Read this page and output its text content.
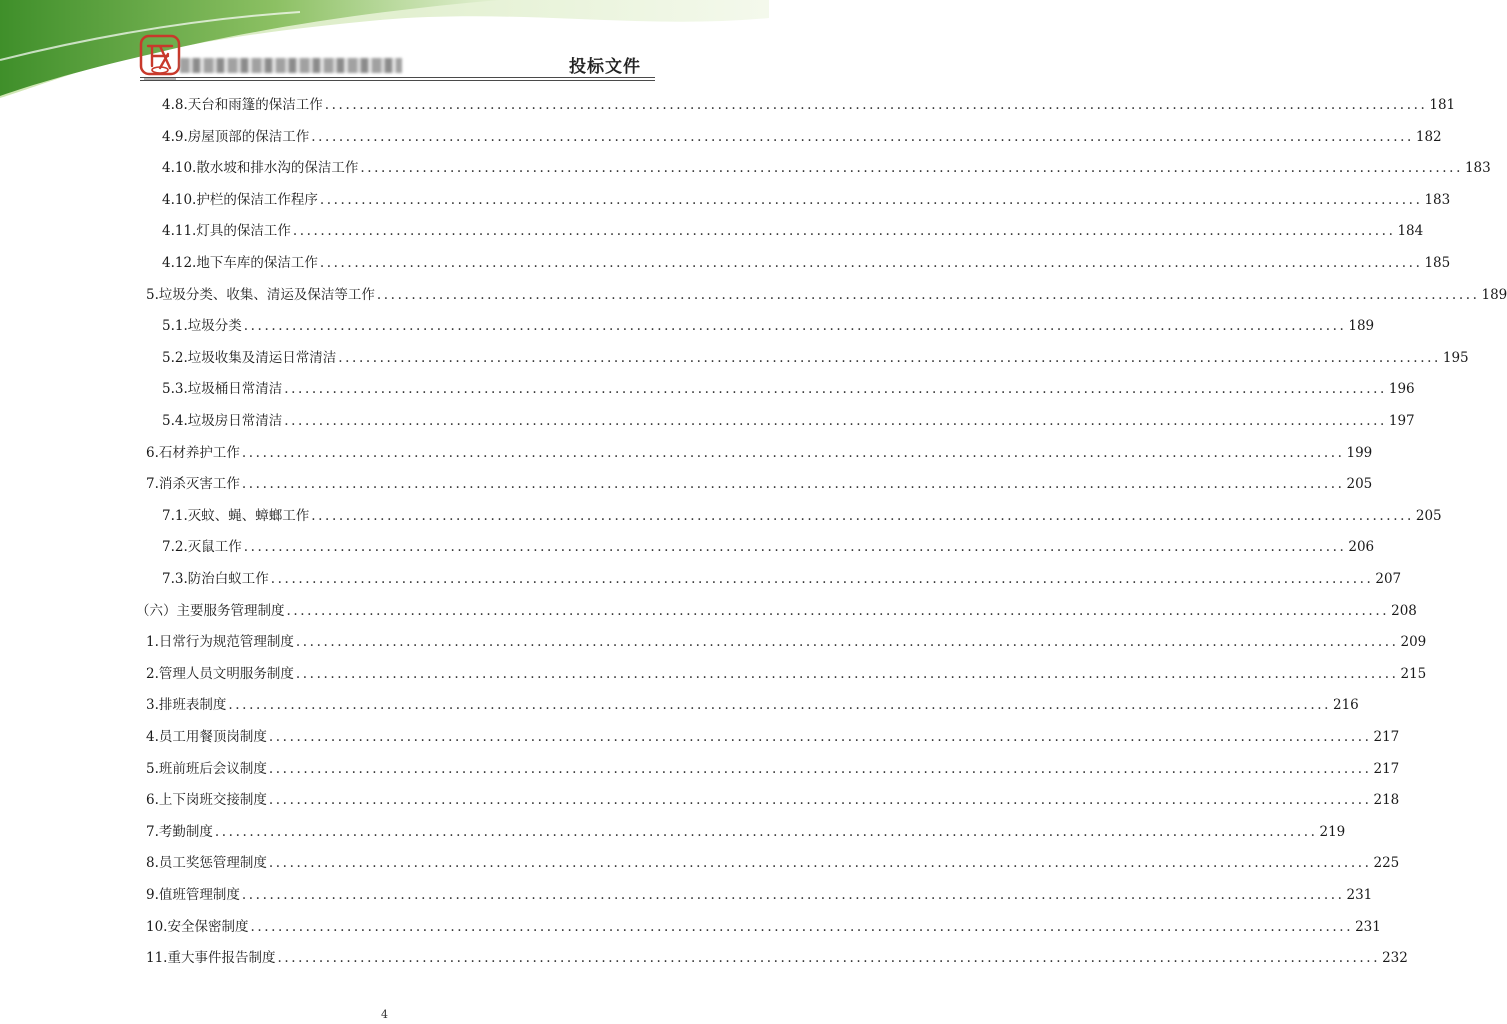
投标文件
4.8.天台和雨篷的保洁工作 ................................................................................................................................................................ 181
4.9.房屋顶部的保洁工作 ................................................................................................................................................................ 182
4.10.散水坡和排水沟的保洁工作 ................................................................................................................................................................ 183
4.10.护栏的保洁工作程序 ................................................................................................................................................................ 183
4.11.灯具的保洁工作 ................................................................................................................................................................ 184
4.12.地下车库的保洁工作 ................................................................................................................................................................ 185
5.垃圾分类、收集、清运及保洁等工作 ................................................................................................................................................................ 189
5.1.垃圾分类 ................................................................................................................................................................ 189
5.2.垃圾收集及清运日常清洁 ................................................................................................................................................................ 195
5.3.垃圾桶日常清洁 ................................................................................................................................................................ 196
5.4.垃圾房日常清洁 ................................................................................................................................................................ 197
6.石材养护工作 ................................................................................................................................................................ 199
7.消杀灭害工作 ................................................................................................................................................................ 205
7.1.灭蚊、蝇、蟑螂工作 ................................................................................................................................................................ 205
7.2.灭鼠工作 ................................................................................................................................................................ 206
7.3.防治白蚁工作 ................................................................................................................................................................ 207
（六）主要服务管理制度 ................................................................................................................................................................ 208
1.日常行为规范管理制度 ................................................................................................................................................................ 209
2.管理人员文明服务制度 ................................................................................................................................................................ 215
3.排班表制度 ................................................................................................................................................................ 216
4.员工用餐顶岗制度 ................................................................................................................................................................ 217
5.班前班后会议制度 ................................................................................................................................................................ 217
6.上下岗班交接制度 ................................................................................................................................................................ 218
7.考勤制度 ................................................................................................................................................................ 219
8.员工奖惩管理制度 ................................................................................................................................................................ 225
9.值班管理制度 ................................................................................................................................................................ 231
10.安全保密制度 ................................................................................................................................................................ 231
11.重大事件报告制度 ................................................................................................................................................................ 232
4
